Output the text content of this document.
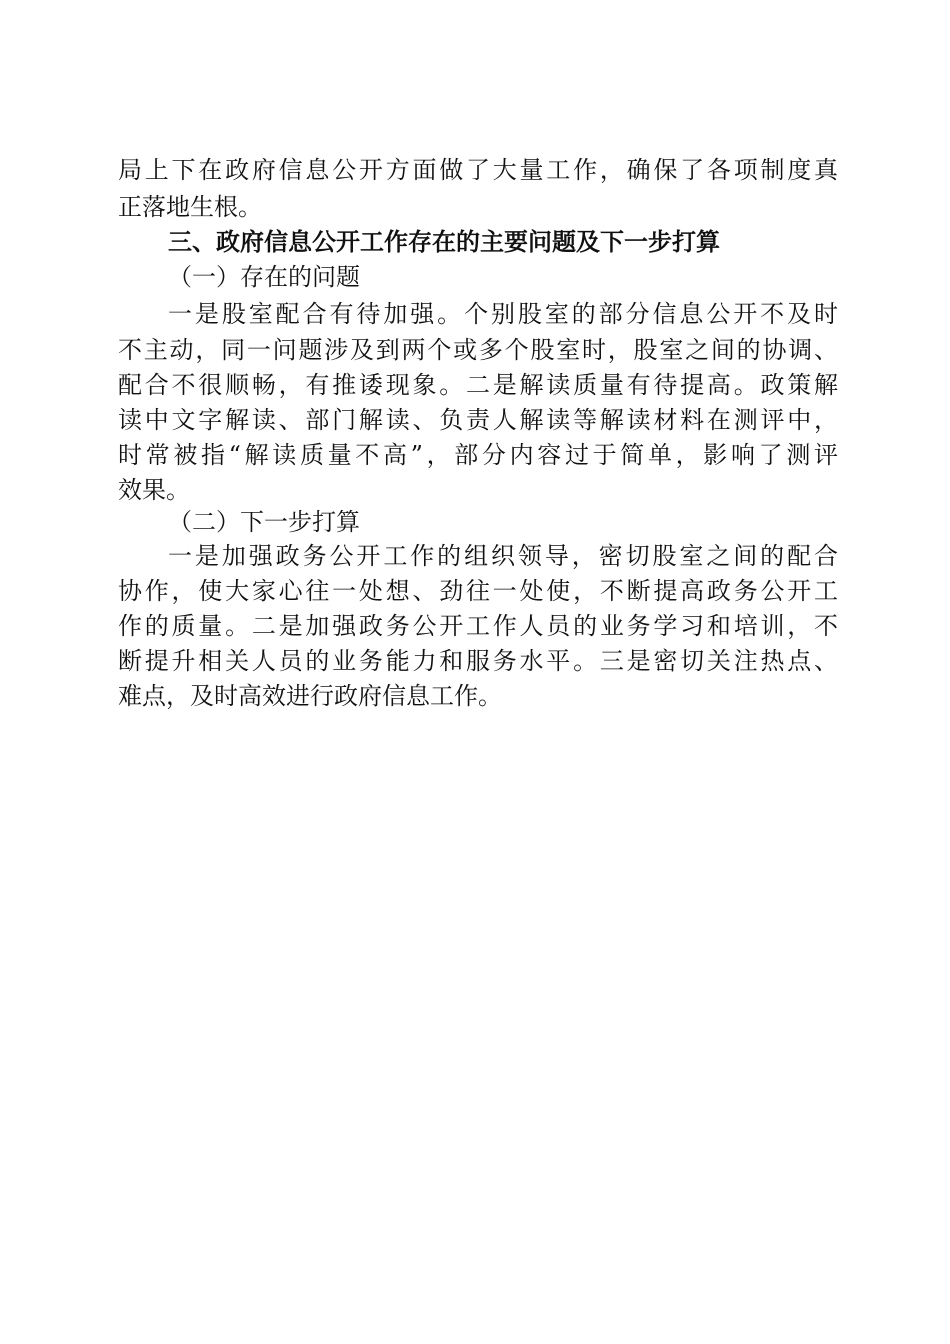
局上下在政府信息公开方面做了大量工作，确保了各项制度真
正落地生根。
三、政府信息公开工作存在的主要问题及下一步打算
（一）存在的问题
一是股室配合有待加强。个别股室的部分信息公开不及时
不主动，同一问题涉及到两个或多个股室时，股室之间的协调、
配合不很顺畅，有推诿现象。二是解读质量有待提高。政策解
读中文字解读、部门解读、负责人解读等解读材料在测评中，
时常被指“解读质量不高”，部分内容过于简单，影响了测评
效果。
（二）下一步打算
一是加强政务公开工作的组织领导，密切股室之间的配合
协作，使大家心往一处想、劲往一处使，不断提高政务公开工
作的质量。二是加强政务公开工作人员的业务学习和培训，不
断提升相关人员的业务能力和服务水平。三是密切关注热点、
难点，及时高效进行政府信息工作。
